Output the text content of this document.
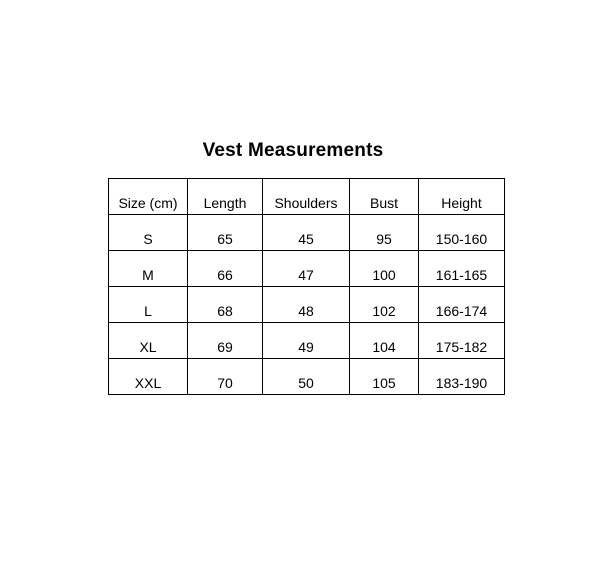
Vest Measurements
Size (cm)	Length	Shoulders	Bust	Height
S	65	45	95	150-160
M	66	47	100	161-165
L	68	48	102	166-174
XL	69	49	104	175-182
XXL	70	50	105	183-190
